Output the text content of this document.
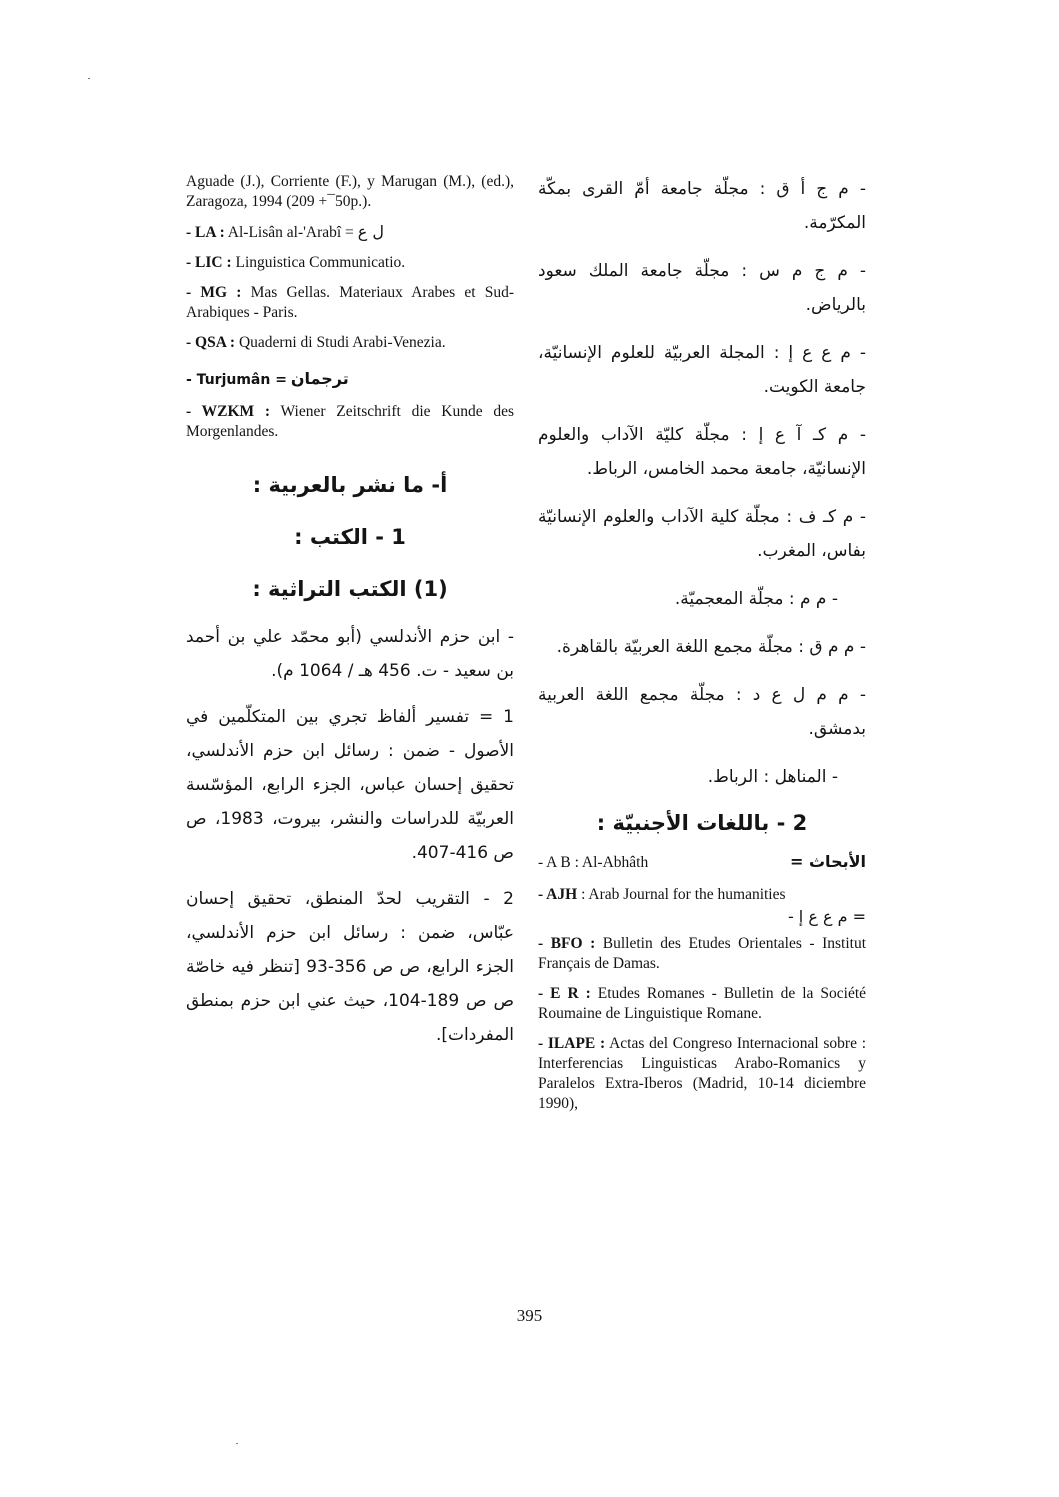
Aguade (J.), Corriente (F.), y Marugan (M.), (ed.), Zaragoza, 1994 (209 +¯50p.).

- LA : Al-Lisân al-'Arabî = ل ع

- LIC : Linguistica Communicatio.

- MG : Mas Gellas. Materiaux Arabes et Sud-Arabiques - Paris.

- QSA : Quaderni di Studi Arabi-Venezia.

- Turjumân = ترجمان

- WZKM : Wiener Zeitschrift die Kunde des Morgenlandes.

أ- ما نشر بالعربية :
1 - الكتب :
(1) الكتب التراثية :

- ابن حزم الأندلسي (أبو محمّد علي بن أحمد بن سعيد - ت. 456 هـ / 1064 م).

1 = تفسير ألفاظ تجري بين المتكلّمين في الأصول - ضمن : رسائل ابن حزم الأندلسي، تحقيق إحسان عباس، الجزء الرابع، المؤسّسة العربيّة للدراسات والنشر، بيروت، 1983، ص ص 416-407.

2 - التقريب لحدّ المنطق، تحقيق إحسان عبّاس، ضمن : رسائل ابن حزم الأندلسي، الجزء الرابع، ص ص 356-93 [تنظر فيه خاصّة ص ص 189-104، حيث عني ابن حزم بمنطق المفردات].

- م ج أ ق : مجلّة جامعة أمّ القرى بمكّة المكرّمة.

- م ج م س : مجلّة جامعة الملك سعود بالرياض.

- م ع ع إ : المجلة العربيّة للعلوم الإنسانيّة، جامعة الكويت.

- م كـ آ ع إ : مجلّة كليّة الآداب والعلوم الإنسانيّة، جامعة محمد الخامس، الرباط.

- م كـ ف : مجلّة كلية الآداب والعلوم الإنسانيّة بفاس، المغرب.

- م م : مجلّة المعجميّة.

- م م ق : مجلّة مجمع اللغة العربيّة بالقاهرة.

- م م ل ع د : مجلّة مجمع اللغة العربية بدمشق.

- المناهل : الرباط.

2 - باللغات الأجنبيّة :
- A B : Al-Abhâth	الأبحاث =
- AJH : Arab Journal for the humanities
- م ع ع إ =

- BFO : Bulletin des Etudes Orientales - Institut Français de Damas.

- E R : Etudes Romanes - Bulletin de la Société Roumaine de Linguistique Romane.

- ILAPE : Actas del Congreso Internacional sobre : Interferencias Linguisticas Arabo-Romanics y Paralelos Extra-Iberos (Madrid, 10-14 diciembre 1990),

395
